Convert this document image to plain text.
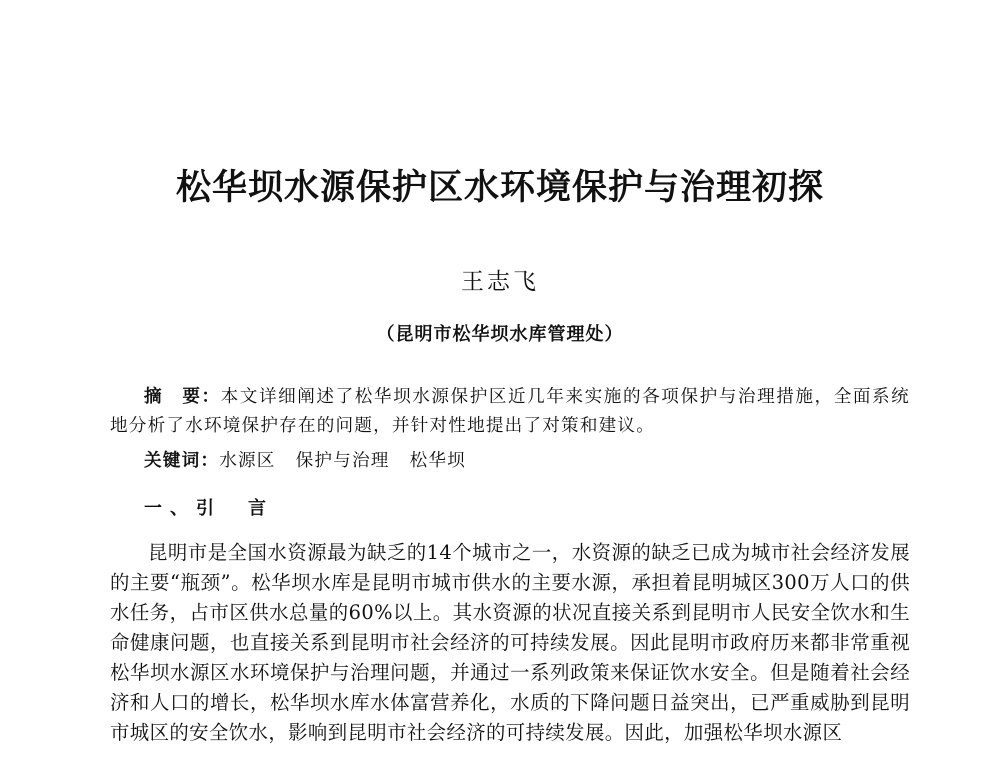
松华坝水源保护区水环境保护与治理初探
王志飞
（昆明市松华坝水库管理处）

摘　要：本文详细阐述了松华坝水源保护区近几年来实施的各项保护与治理措施，全面系统地分析了水环境保护存在的问题，并针对性地提出了对策和建议。

关键词：水源区 保护与治理 松华坝

一、引　言

昆明市是全国水资源最为缺乏的14个城市之一，水资源的缺乏已成为城市社会经济发展的主要“瓶颈”。松华坝水库是昆明市城市供水的主要水源，承担着昆明城区300万人口的供水任务，占市区供水总量的60%以上。其水资源的状况直接关系到昆明市人民安全饮水和生命健康问题，也直接关系到昆明市社会经济的可持续发展。因此昆明市政府历来都非常重视松华坝水源区水环境保护与治理问题，并通过一系列政策来保证饮水安全。但是随着社会经济和人口的增长，松华坝水库水体富营养化，水质的下降问题日益突出，已严重威胁到昆明市城区的安全饮水，影响到昆明市社会经济的可持续发展。因此，加强松华坝水源区
